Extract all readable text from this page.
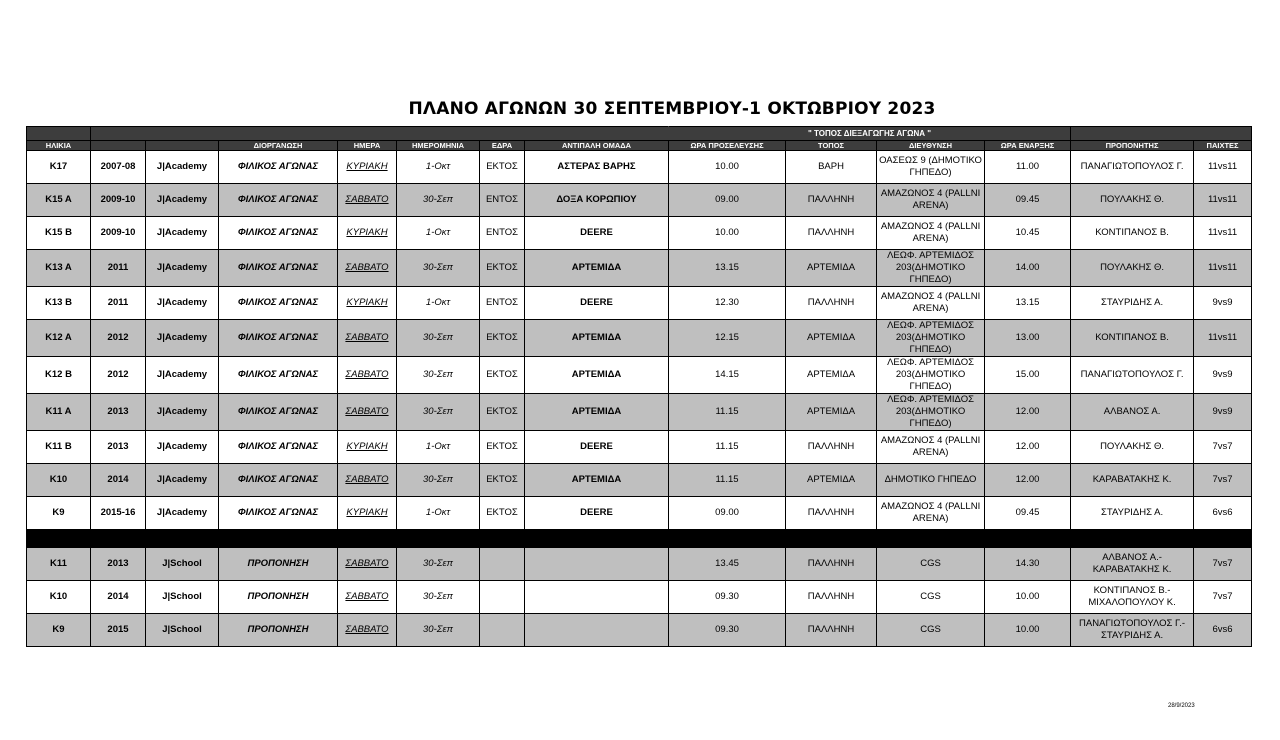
ΠΛΑΝΟ ΑΓΩΝΩΝ 30 ΣΕΠΤΕΜΒΡΙΟΥ-1 ΟΚΤΩΒΡΙΟΥ 2023
								" ΤΟΠΟΣ ΔΙΕΞΑΓΩΓΗΣ ΑΓΩΝΑ "					
ΗΛΙΚΙΑ			ΔΙΟΡΓΑΝΩΣΗ	ΗΜΕΡΑ	ΗΜΕΡΟΜΗΝΙΑ	ΕΔΡΑ	ΑΝΤΙΠΑΛΗ ΟΜΑΔΑ	ΩΡΑ ΠΡΟΣΕΛΕΥΣΗΣ	ΤΟΠΟΣ	ΔΙΕΥΘΥΝΣΗ	ΩΡΑ ΕΝΑΡΞΗΣ	ΠΡΟΠΟΝΗΤΗΣ	ΠΑΙΧΤΕΣ
K17	2007-08	J|Academy	ΦΙΛΙΚΟΣ ΑΓΩΝΑΣ	ΚΥΡΙΑΚΗ	1-Οκτ	ΕΚΤΟΣ	ΑΣΤΕΡΑΣ ΒΑΡΗΣ	10.00	ΒΑΡΗ	ΟΑΣΕΩΣ 9 (ΔΗΜΟΤΙΚΟ ΓΗΠΕΔΟ)	11.00	ΠΑΝΑΓΙΩΤΟΠΟΥΛΟΣ Γ.	11vs11
K15 A	2009-10	J|Academy	ΦΙΛΙΚΟΣ ΑΓΩΝΑΣ	ΣΑΒΒΑΤΟ	30-Σεπ	ΕΝΤΟΣ	ΔΟΞΑ ΚΟΡΩΠΙΟΥ	09.00	ΠΑΛΛΗΝΗ	ΑΜΑΖΩΝΟΣ 4 (PALLNI ARENA)	09.45	ΠΟΥΛΑΚΗΣ Θ.	11vs11
K15 B	2009-10	J|Academy	ΦΙΛΙΚΟΣ ΑΓΩΝΑΣ	ΚΥΡΙΑΚΗ	1-Οκτ	ΕΝΤΟΣ	DEERE	10.00	ΠΑΛΛΗΝΗ	ΑΜΑΖΩΝΟΣ 4 (PALLNI ARENA)	10.45	ΚΟΝΤΙΠΑΝΟΣ Β.	11vs11
K13 A	2011	J|Academy	ΦΙΛΙΚΟΣ ΑΓΩΝΑΣ	ΣΑΒΒΑΤΟ	30-Σεπ	ΕΚΤΟΣ	ΑΡΤΕΜΙΔΑ	13.15	ΑΡΤΕΜΙΔΑ	ΛΕΩΦ. ΑΡΤΕΜΙΔΟΣ 203(ΔΗΜΟΤΙΚΟ ΓΗΠΕΔΟ)	14.00	ΠΟΥΛΑΚΗΣ Θ.	11vs11
K13 B	2011	J|Academy	ΦΙΛΙΚΟΣ ΑΓΩΝΑΣ	ΚΥΡΙΑΚΗ	1-Οκτ	ΕΝΤΟΣ	DEERE	12.30	ΠΑΛΛΗΝΗ	ΑΜΑΖΩΝΟΣ 4 (PALLNI ARENA)	13.15	ΣΤΑΥΡΙΔΗΣ Α.	9vs9
K12 A	2012	J|Academy	ΦΙΛΙΚΟΣ ΑΓΩΝΑΣ	ΣΑΒΒΑΤΟ	30-Σεπ	ΕΚΤΟΣ	ΑΡΤΕΜΙΔΑ	12.15	ΑΡΤΕΜΙΔΑ	ΛΕΩΦ. ΑΡΤΕΜΙΔΟΣ 203(ΔΗΜΟΤΙΚΟ ΓΗΠΕΔΟ)	13.00	ΚΟΝΤΙΠΑΝΟΣ Β.	11vs11
K12 B	2012	J|Academy	ΦΙΛΙΚΟΣ ΑΓΩΝΑΣ	ΣΑΒΒΑΤΟ	30-Σεπ	ΕΚΤΟΣ	ΑΡΤΕΜΙΔΑ	14.15	ΑΡΤΕΜΙΔΑ	ΛΕΩΦ. ΑΡΤΕΜΙΔΟΣ 203(ΔΗΜΟΤΙΚΟ ΓΗΠΕΔΟ)	15.00	ΠΑΝΑΓΙΩΤΟΠΟΥΛΟΣ Γ.	9vs9
K11 A	2013	J|Academy	ΦΙΛΙΚΟΣ ΑΓΩΝΑΣ	ΣΑΒΒΑΤΟ	30-Σεπ	ΕΚΤΟΣ	ΑΡΤΕΜΙΔΑ	11.15	ΑΡΤΕΜΙΔΑ	ΛΕΩΦ. ΑΡΤΕΜΙΔΟΣ 203(ΔΗΜΟΤΙΚΟ ΓΗΠΕΔΟ)	12.00	ΑΛΒΑΝΟΣ Α.	9vs9
K11 B	2013	J|Academy	ΦΙΛΙΚΟΣ ΑΓΩΝΑΣ	ΚΥΡΙΑΚΗ	1-Οκτ	ΕΚΤΟΣ	DEERE	11.15	ΠΑΛΛΗΝΗ	ΑΜΑΖΩΝΟΣ 4 (PALLNI ARENA)	12.00	ΠΟΥΛΑΚΗΣ Θ.	7vs7
K10	2014	J|Academy	ΦΙΛΙΚΟΣ ΑΓΩΝΑΣ	ΣΑΒΒΑΤΟ	30-Σεπ	ΕΚΤΟΣ	ΑΡΤΕΜΙΔΑ	11.15	ΑΡΤΕΜΙΔΑ	ΔΗΜΟΤΙΚΟ ΓΗΠΕΔΟ	12.00	ΚΑΡΑΒΑΤΑΚΗΣ Κ.	7vs7
K9	2015-16	J|Academy	ΦΙΛΙΚΟΣ ΑΓΩΝΑΣ	ΚΥΡΙΑΚΗ	1-Οκτ	ΕΚΤΟΣ	DEERE	09.00	ΠΑΛΛΗΝΗ	ΑΜΑΖΩΝΟΣ 4 (PALLNI ARENA)	09.45	ΣΤΑΥΡΙΔΗΣ Α.	6vs6

K11	2013	J|School	ΠΡΟΠΟΝΗΣΗ	ΣΑΒΒΑΤΟ	30-Σεπ			13.45	ΠΑΛΛΗΝΗ	CGS	14.30	ΑΛΒΑΝΟΣ Α.- ΚΑΡΑΒΑΤΑΚΗΣ Κ.	7vs7
K10	2014	J|School	ΠΡΟΠΟΝΗΣΗ	ΣΑΒΒΑΤΟ	30-Σεπ			09.30	ΠΑΛΛΗΝΗ	CGS	10.00	ΚΟΝΤΙΠΑΝΟΣ Β.- ΜΙΧΑΛΟΠΟΥΛΟΥ Κ.	7vs7
K9	2015	J|School	ΠΡΟΠΟΝΗΣΗ	ΣΑΒΒΑΤΟ	30-Σεπ			09.30	ΠΑΛΛΗΝΗ	CGS	10.00	ΠΑΝΑΓΙΩΤΟΠΟΥΛΟΣ Γ.- ΣΤΑΥΡΙΔΗΣ Α.	6vs6
28/9/2023
